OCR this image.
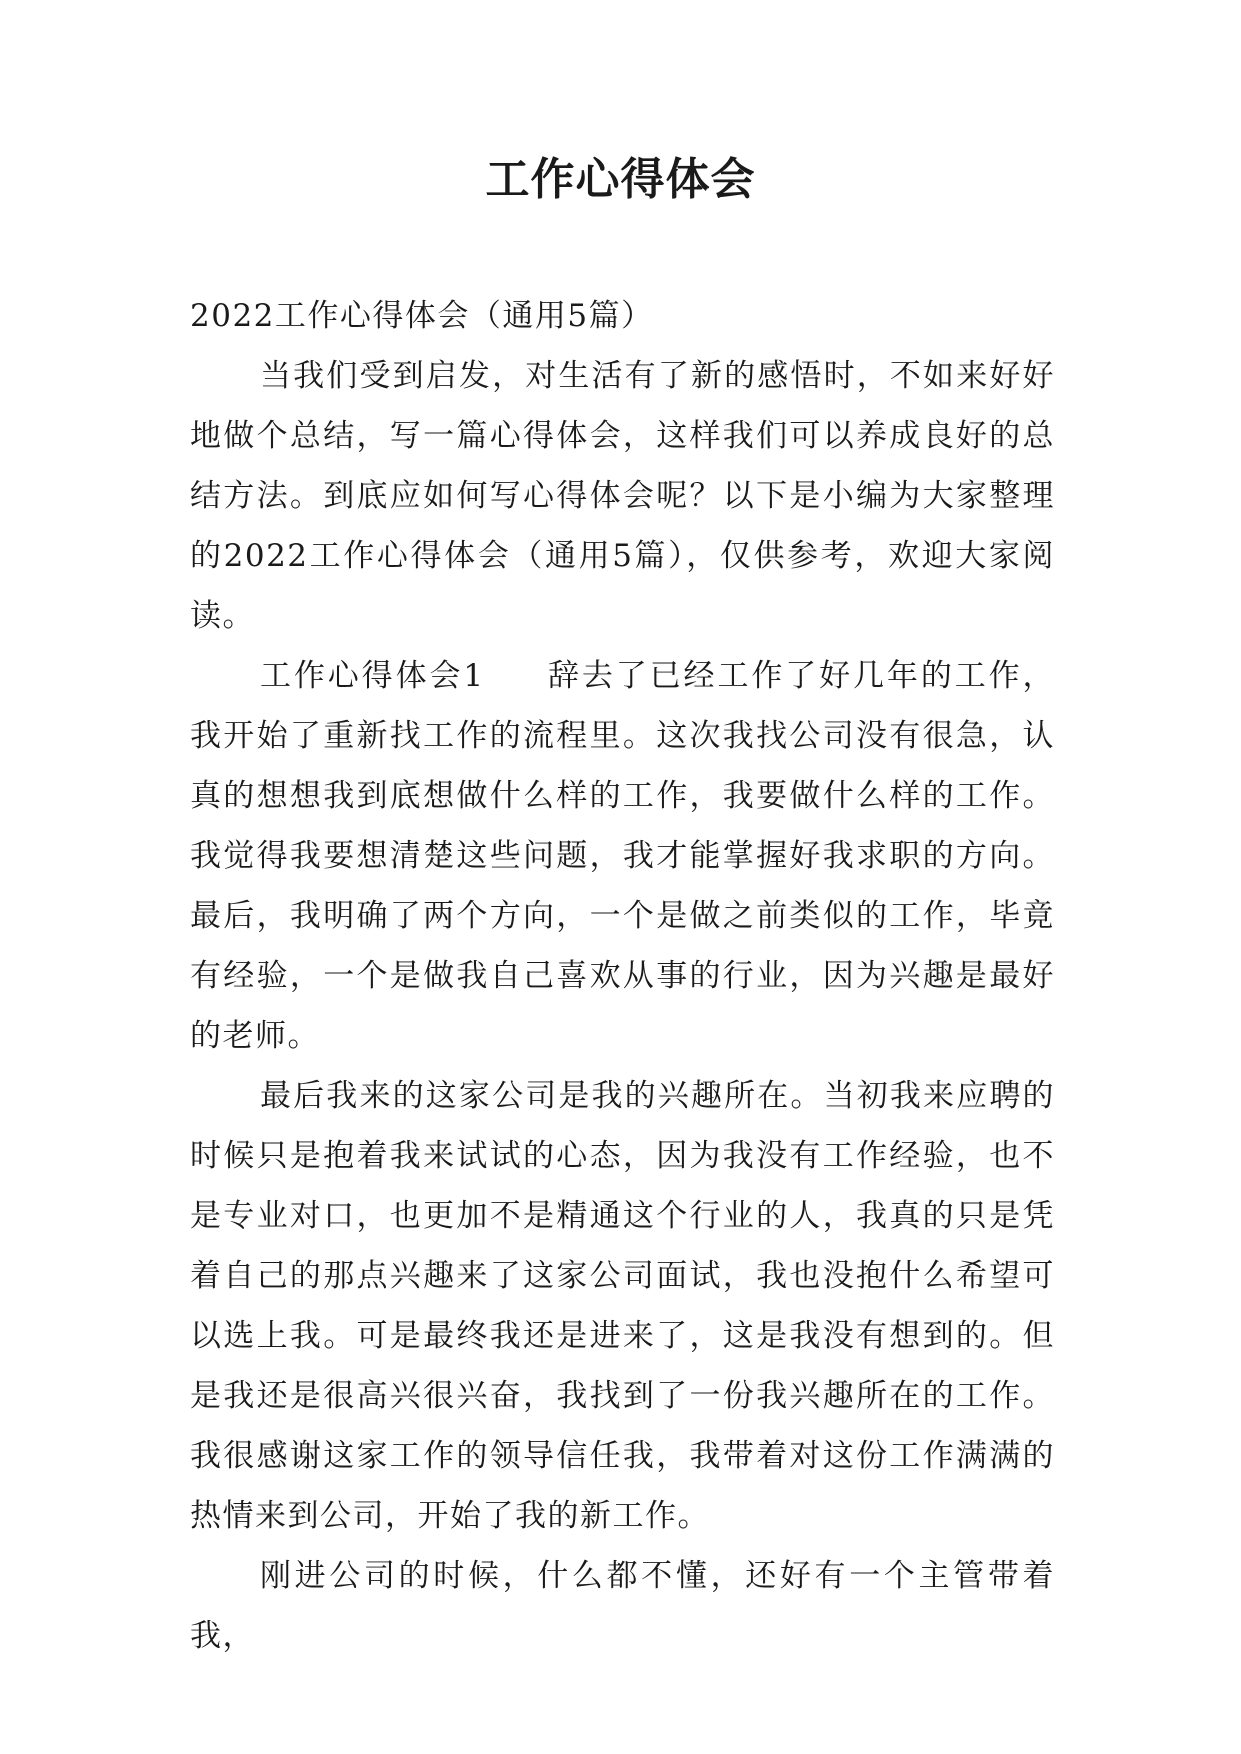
工作心得体会

2022工作心得体会（通用5篇）

当我们受到启发，对生活有了新的感悟时，不如来好好地做个总结，写一篇心得体会，这样我们可以养成良好的总结方法。到底应如何写心得体会呢？以下是小编为大家整理的2022工作心得体会（通用5篇），仅供参考，欢迎大家阅读。

工作心得体会1 辞去了已经工作了好几年的工作，我开始了重新找工作的流程里。这次我找公司没有很急，认真的想想我到底想做什么样的工作，我要做什么样的工作。我觉得我要想清楚这些问题，我才能掌握好我求职的方向。最后，我明确了两个方向，一个是做之前类似的工作，毕竟有经验，一个是做我自己喜欢从事的行业，因为兴趣是最好的老师。

最后我来的这家公司是我的兴趣所在。当初我来应聘的时候只是抱着我来试试的心态，因为我没有工作经验，也不是专业对口，也更加不是精通这个行业的人，我真的只是凭着自己的那点兴趣来了这家公司面试，我也没抱什么希望可以选上我。可是最终我还是进来了，这是我没有想到的。但是我还是很高兴很兴奋，我找到了一份我兴趣所在的工作。我很感谢这家工作的领导信任我，我带着对这份工作满满的热情来到公司，开始了我的新工作。

刚进公司的时候，什么都不懂，还好有一个主管带着我，
